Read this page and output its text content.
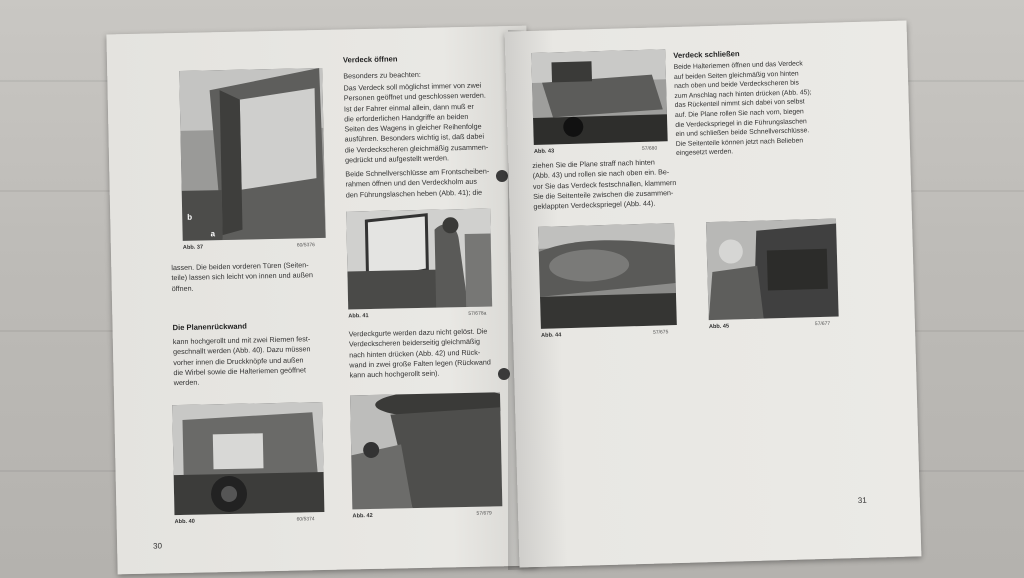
b
a
Abb. 37	60/5376
Verdeck öffnen
Besonders zu beachten:
Das Verdeck soll möglichst immer von zwei
Personen geöffnet und geschlossen werden.
Ist der Fahrer einmal allein, dann muß er
die erforderlichen Handgriffe an beiden
Seiten des Wagens in gleicher Reihenfolge
ausführen. Besonders wichtig ist, daß dabei
die Verdeckscheren gleichmäßig zusammen-
gedrückt und aufgestellt werden.
Beide Schnellverschlüsse am Frontscheiben-
rahmen öffnen und den Verdeckholm aus
den Führungslaschen heben (Abb. 41); die
lassen. Die beiden vorderen Türen (Seiten-
teile) lassen sich leicht von innen und außen
öffnen.
Abb. 41	57/678a
Die Planenrückwand
kann hochgerollt und mit zwei Riemen fest-
geschnallt werden (Abb. 40). Dazu müssen
vorher innen die Druckknöpfe und außen
die Wirbel sowie die Halteriemen geöffnet
werden.
Verdeckgurte werden dazu nicht gelöst. Die
Verdeckscheren beiderseitig gleichmäßig
nach hinten drücken (Abb. 42) und Rück-
wand in zwei große Falten legen (Rückwand
kann auch hochgerollt sein).
Abb. 40	60/5374	Abb. 42	57/679
30
Abb. 43	57/680
Verdeck schließen
Beide Halteriemen öffnen und das Verdeck
auf beiden Seiten gleichmäßig von hinten
nach oben und beide Verdeckscheren bis
zum Anschlag nach hinten drücken (Abb. 45);
das Rückenteil nimmt sich dabei von selbst
auf. Die Plane rollen Sie nach vorn, biegen
die Verdeckspriegel in die Führungslaschen
ein und schließen beide Schnellverschlüsse.
Die Seitenteile können jetzt nach Belieben
eingesetzt werden.
ziehen Sie die Plane straff nach hinten
(Abb. 43) und rollen sie nach oben ein. Be-
vor Sie das Verdeck festschnallen, klammern
Sie die Seitenteile zwischen die zusammen-
geklappten Verdeckspriegel (Abb. 44).
Abb. 44	57/675
Abb. 45	57/677
31
